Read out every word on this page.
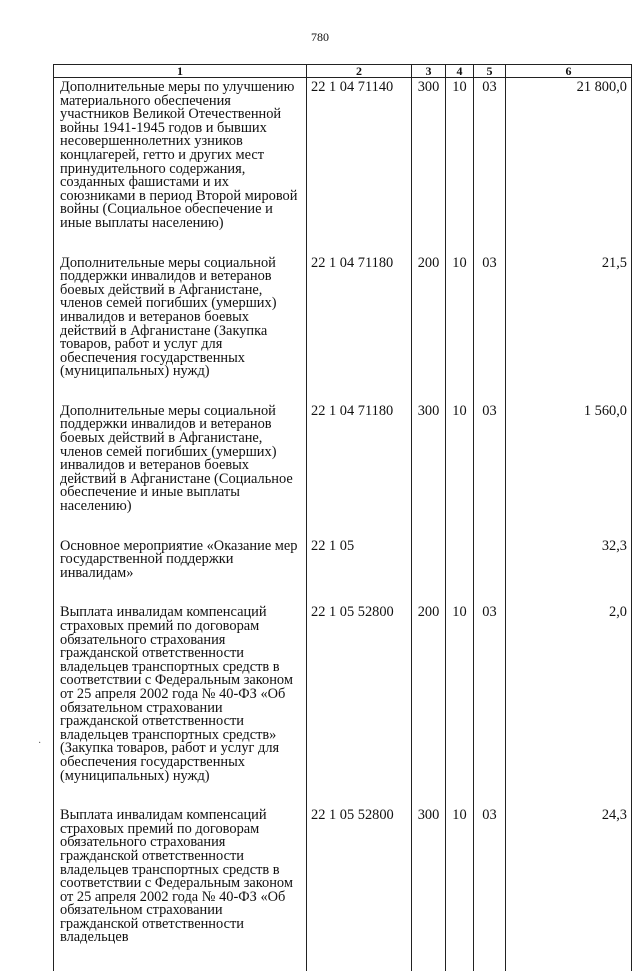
780
1	2	3	4	5	6
Дополнительные меры по улучшению материального обеспечения участников Великой Отечественной войны 1941-1945 годов и бывших несовершеннолетних узников концлагерей, гетто и других мест принудительного содержания, созданных фашистами и их союзниками в период Второй мировой войны (Социальное обеспечение и иные выплаты населению)	22 1 04 71140	300	10	03	21 800,0
Дополнительные меры социальной поддержки инвалидов и ветеранов боевых действий в Афганистане, членов семей погибших (умерших) инвалидов и ветеранов боевых действий в Афганистане (Закупка товаров, работ и услуг для обеспечения государственных (муниципальных) нужд)	22 1 04 71180	200	10	03	21,5
Дополнительные меры социальной поддержки инвалидов и ветеранов боевых действий в Афганистане, членов семей погибших (умерших) инвалидов и ветеранов боевых действий в Афганистане (Социальное обеспечение и иные выплаты населению)	22 1 04 71180	300	10	03	1 560,0
Основное мероприятие «Оказание мер государственной поддержки инвалидам»	22 1 05				32,3
Выплата инвалидам компенсаций страховых премий по договорам обязательного страхования гражданской ответственности владельцев транспортных средств в соответствии с Федеральным законом от 25 апреля 2002 года № 40-ФЗ «Об обязательном страховании гражданской ответственности владельцев транспортных средств» (Закупка товаров, работ и услуг для обеспечения государственных (муниципальных) нужд)	22 1 05 52800	200	10	03	2,0
Выплата инвалидам компенсаций страховых премий по договорам обязательного страхования гражданской ответственности владельцев транспортных средств в соответствии с Федеральным законом от 25 апреля 2002 года № 40-ФЗ «Об обязательном страховании гражданской ответственности владельцев	22 1 05 52800	300	10	03	24,3
·
